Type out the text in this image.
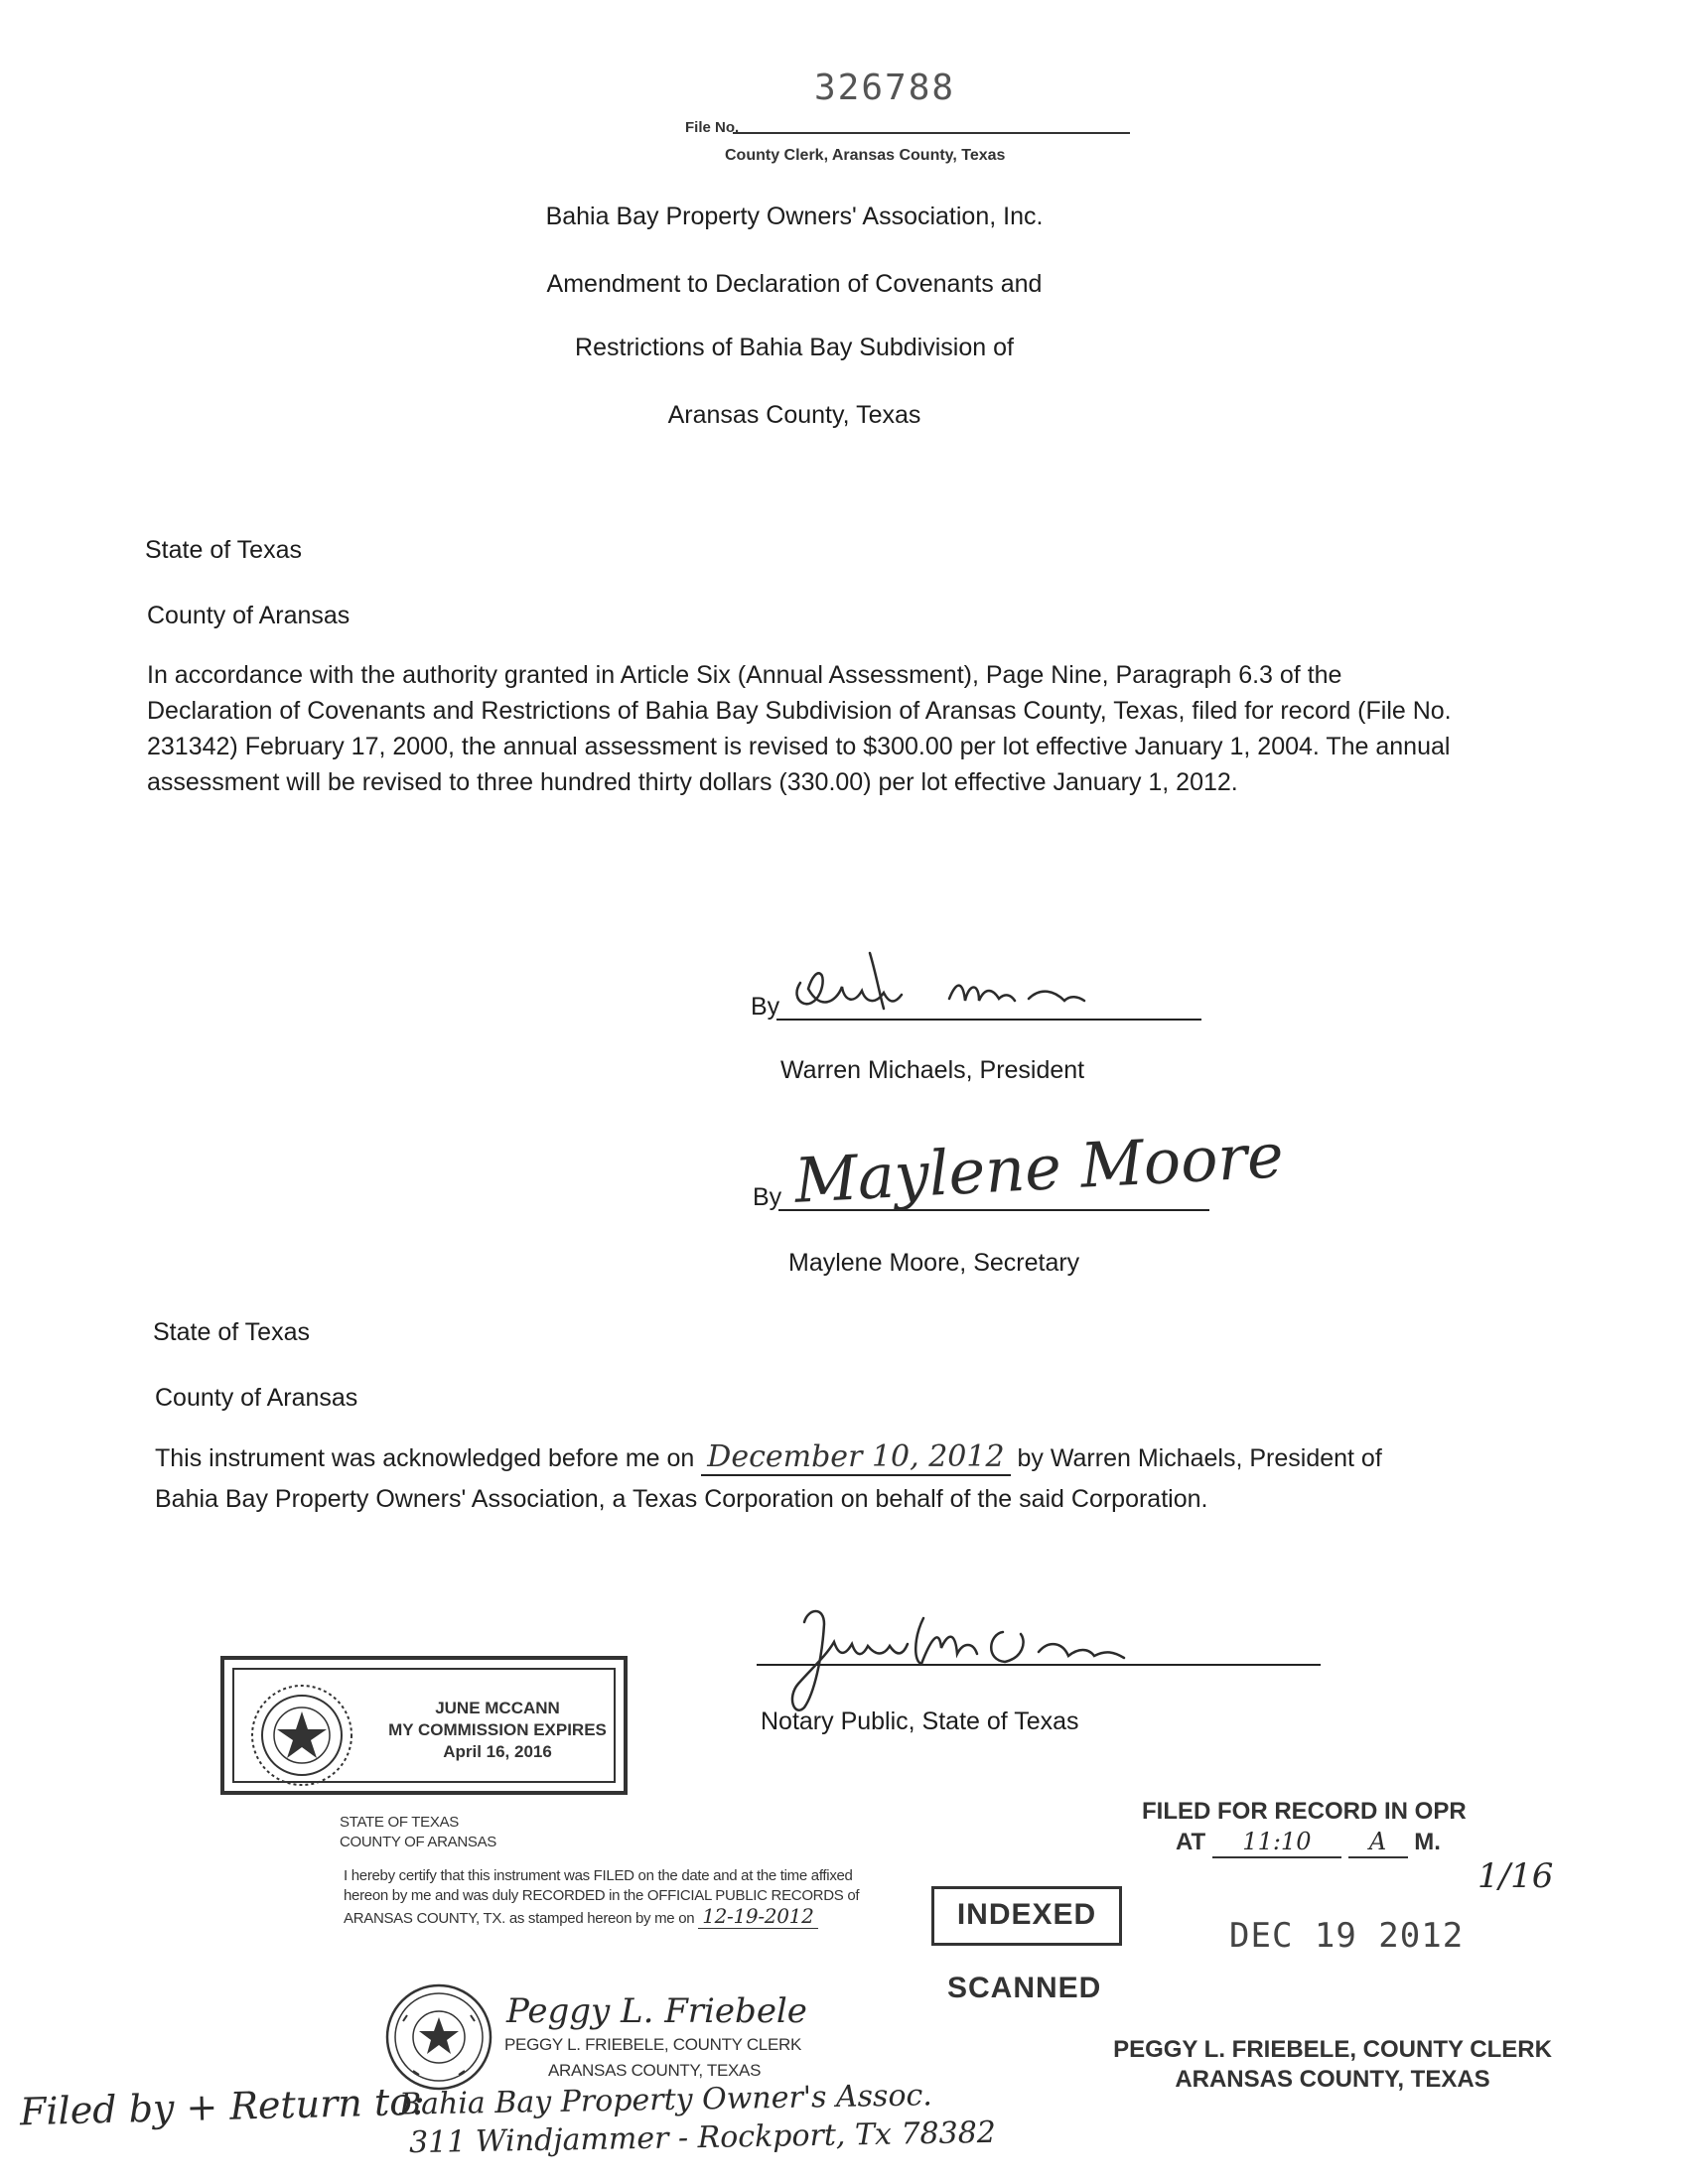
326788
File No.
County Clerk, Aransas County, Texas
Bahia Bay Property Owners' Association, Inc.
Amendment to Declaration of Covenants and
Restrictions of Bahia Bay Subdivision of
Aransas County, Texas
State of Texas
County of Aransas
In accordance with the authority granted in Article Six (Annual Assessment), Page Nine, Paragraph 6.3 of the Declaration of Covenants and Restrictions of Bahia Bay Subdivision of Aransas County, Texas, filed for record (File No. 231342) February 17, 2000, the annual assessment is revised to $300.00 per lot effective January 1, 2004. The annual assessment will be revised to three hundred thirty dollars (330.00) per lot effective January 1, 2012.
By
Warren Michaels, President
By Maylene Moore
Maylene Moore, Secretary
State of Texas
County of Aransas
This instrument was acknowledged before me on December 10, 2012 by Warren Michaels, President of Bahia Bay Property Owners' Association, a Texas Corporation on behalf of the said Corporation.
Notary Public, State of Texas
JUNE MCCANN
MY COMMISSION EXPIRES
April 16, 2016
STATE OF TEXAS
COUNTY OF ARANSAS
I hereby certify that this instrument was FILED on the date and at the time affixed hereon by me and was duly RECORDED in the OFFICIAL PUBLIC RECORDS of ARANSAS COUNTY, TX. as stamped hereon by me on 12-19-2012
Peggy L. Friebele
PEGGY L. FRIEBELE, COUNTY CLERK
ARANSAS COUNTY, TEXAS
INDEXED
SCANNED
FILED FOR RECORD IN OPR
AT 11:10 A M.
DEC 19 2012
1/16
PEGGY L. FRIEBELE, COUNTY CLERK
ARANSAS COUNTY, TEXAS
Filed by + Return to:
Bahia Bay Property Owner's Assoc.
311 Windjammer - Rockport, Tx 78382
